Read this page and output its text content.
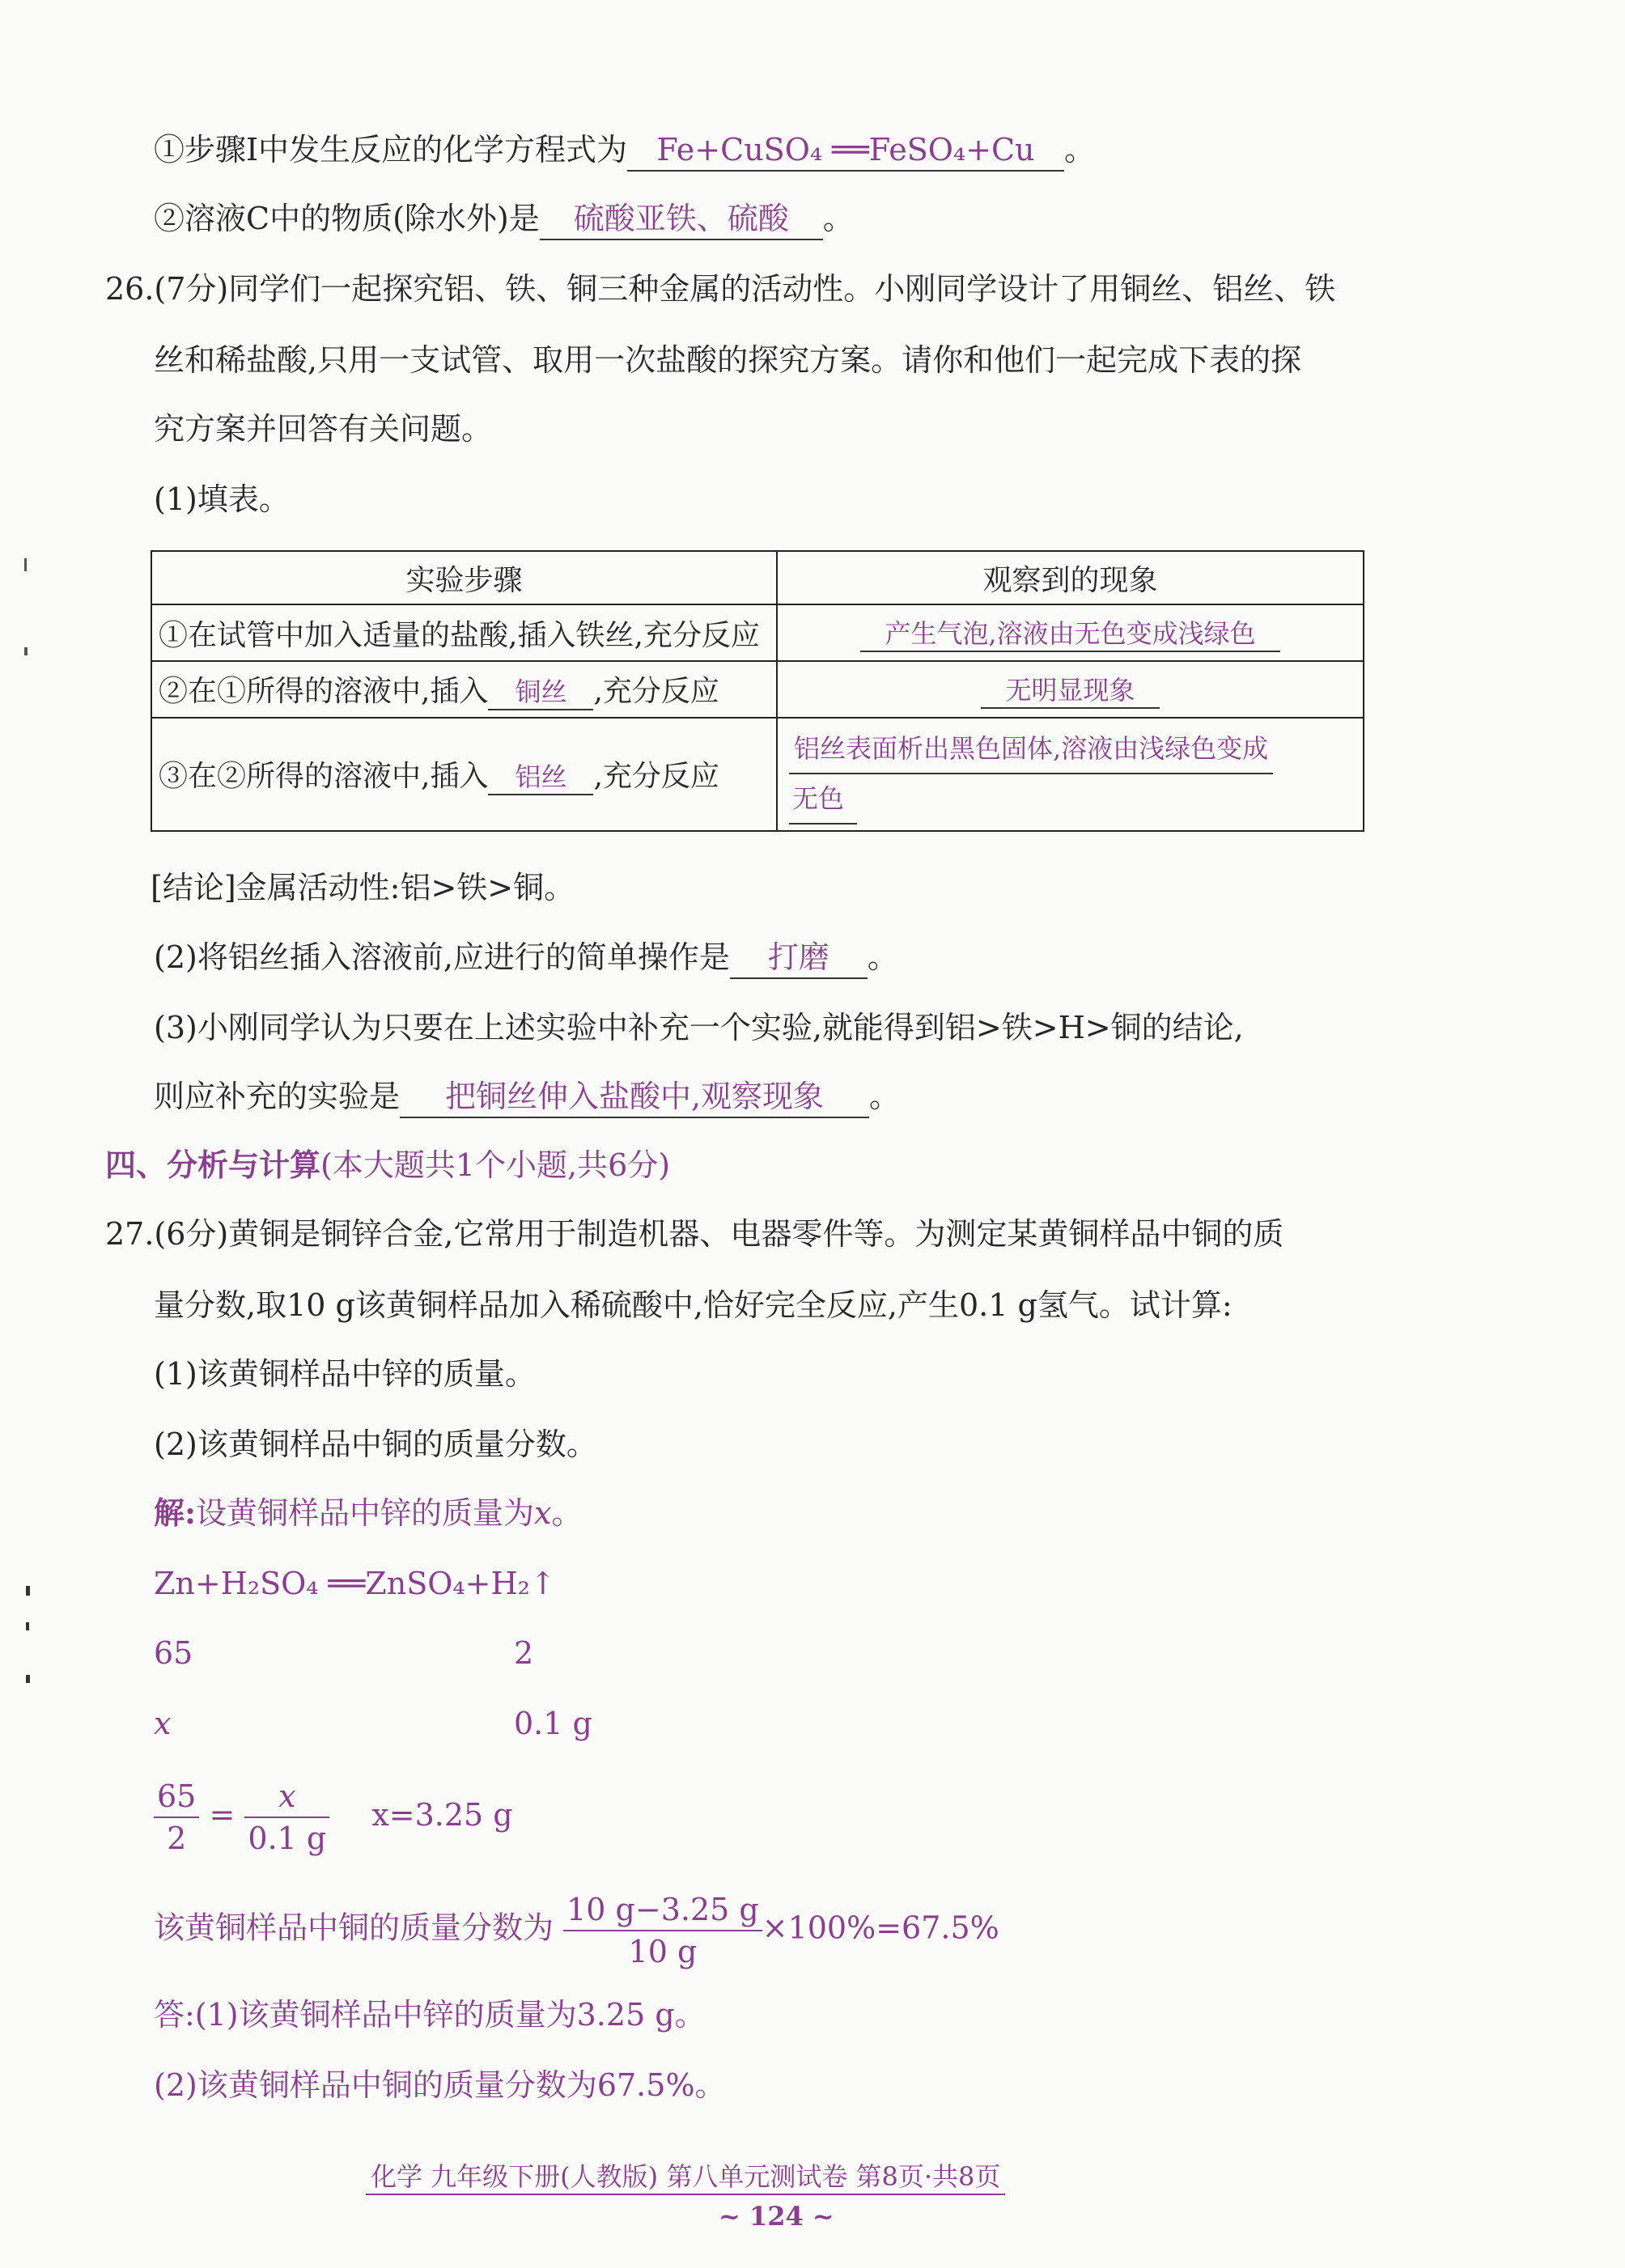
①步骤Ⅰ中发生反应的化学方程式为 Fe+CuSO₄ ══FeSO₄+Cu 。
②溶液C中的物质(除水外)是 硫酸亚铁、硫酸 。
26.(7分)同学们一起探究铝、铁、铜三种金属的活动性。小刚同学设计了用铜丝、铝丝、铁
丝和稀盐酸,只用一支试管、取用一次盐酸的探究方案。请你和他们一起完成下表的探
究方案并回答有关问题。
(1)填表。
实验步骤	观察到的现象
①在试管中加入适量的盐酸,插入铁丝,充分反应	产生气泡,溶液由无色变成浅绿色
②在①所得的溶液中,插入 铜丝 ,充分反应	无明显现象
③在②所得的溶液中,插入 铝丝 ,充分反应	铝丝表面析出黑色固体,溶液由浅绿色变成
无色
[结论]金属活动性:铝>铁>铜。
(2)将铝丝插入溶液前,应进行的简单操作是 打磨 。
(3)小刚同学认为只要在上述实验中补充一个实验,就能得到铝>铁>H>铜的结论,
则应补充的实验是 把铜丝伸入盐酸中,观察现象 。
四、分析与计算(本大题共1个小题,共6分)
27.(6分)黄铜是铜锌合金,它常用于制造机器、电器零件等。为测定某黄铜样品中铜的质
量分数,取10 g该黄铜样品加入稀硫酸中,恰好完全反应,产生0.1 g氢气。试计算:
(1)该黄铜样品中锌的质量。
(2)该黄铜样品中铜的质量分数。
解:设黄铜样品中锌的质量为x。
Zn+H₂SO₄ ══ZnSO₄+H₂↑
65	2
x	0.1 g
$\frac{65}{2} = \frac{x}{0.1 g} x=3.25$ g
该黄铜样品中铜的质量分数为 $\frac{10 g-3.25 g}{10 g} \times 100\%=67.5\%$
答:(1)该黄铜样品中锌的质量为3.25 g。
(2)该黄铜样品中铜的质量分数为67.5%。
化学 九年级下册(人教版) 第八单元测试卷 第8页·共8页
~ 124 ~
